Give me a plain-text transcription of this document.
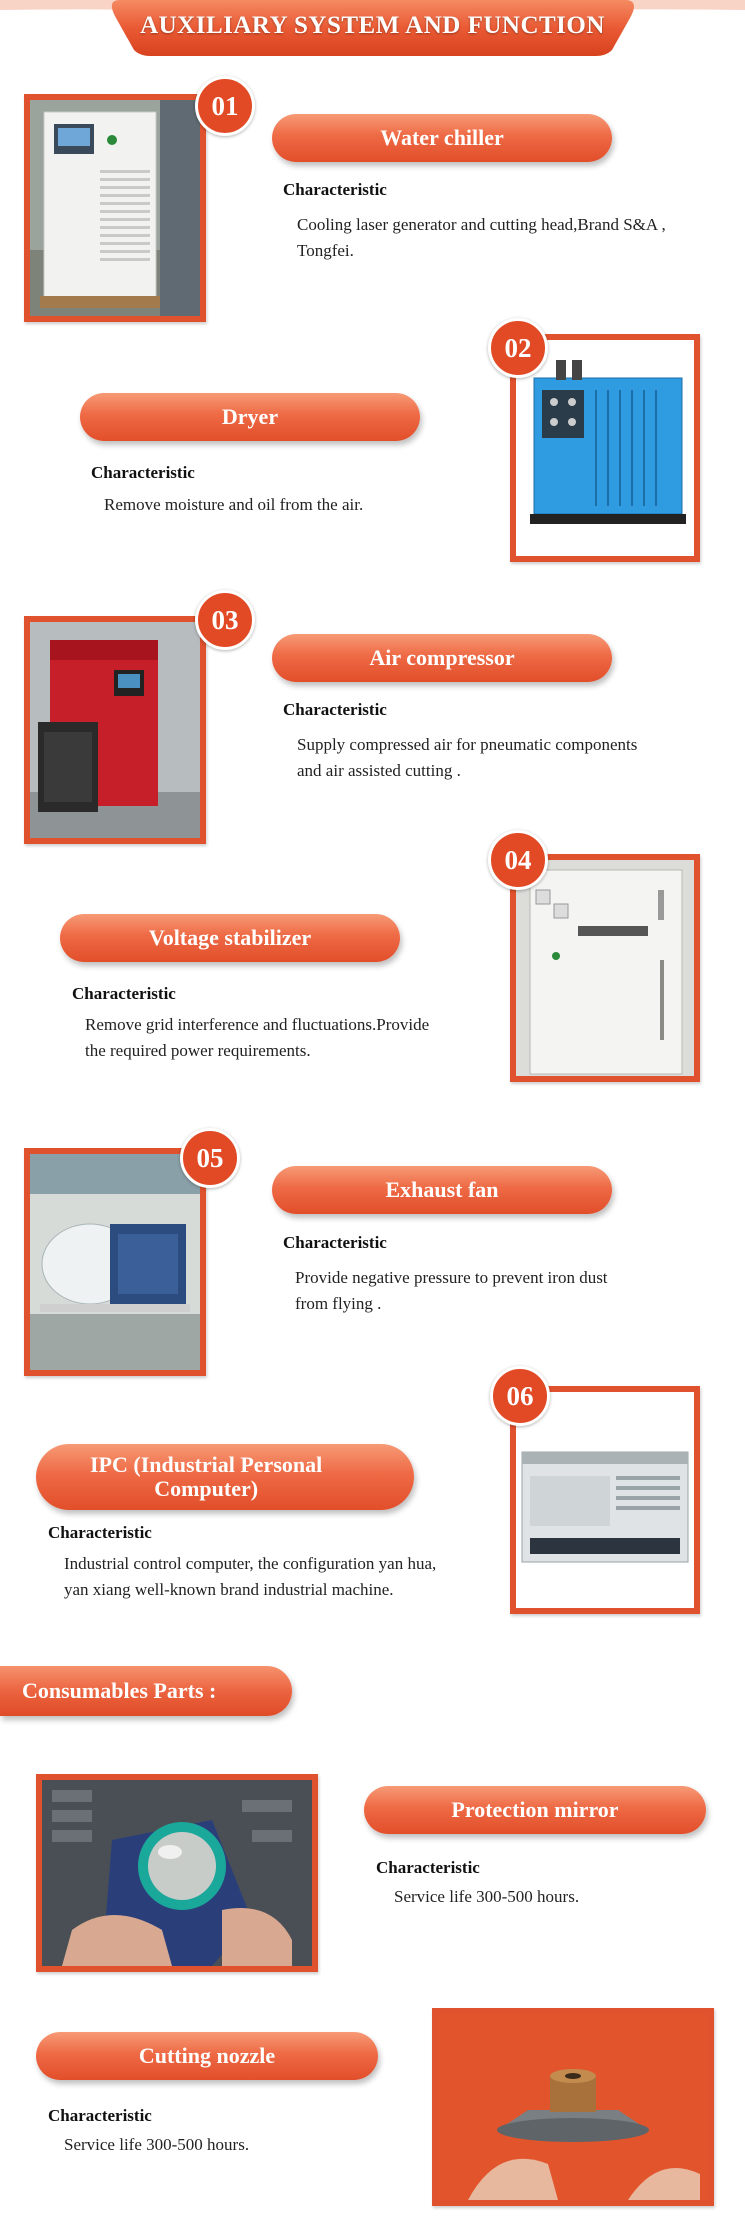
AUXILIARY SYSTEM AND FUNCTION
01
Water chiller
Characteristic
Cooling laser generator and cutting head,Brand S&A ,
Tongfei.
Dryer
Characteristic
Remove moisture and oil from the air.
02
03
Air compressor
Characteristic
Supply compressed air for pneumatic components
and air assisted cutting .
Voltage stabilizer
Characteristic
Remove grid interference and fluctuations.Provide
the required power requirements.
04
05
Exhaust fan
Characteristic
Provide negative pressure to prevent iron dust
from flying .
IPC (Industrial Personal
Computer)
Characteristic
Industrial control computer, the configuration yan hua,
yan xiang well-known brand industrial machine.
06
Consumables Parts :
Protection mirror
Characteristic
Service life 300-500 hours.
Cutting nozzle
Characteristic
Service life 300-500 hours.
